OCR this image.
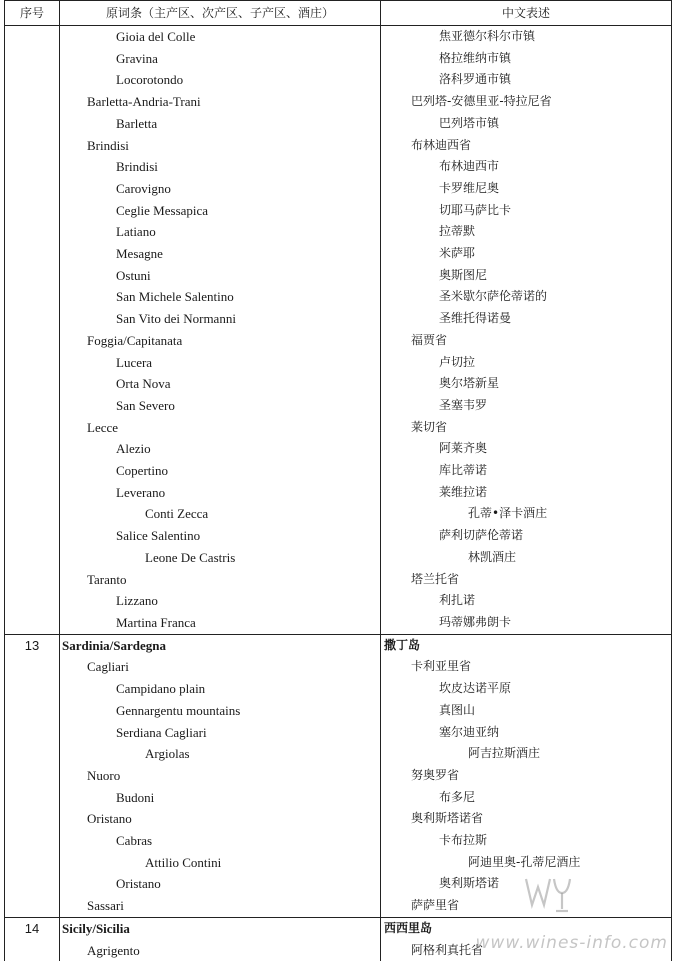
序号	原词条（主产区、次产区、子产区、酒庄）	中文表述
	Gioia del Colle	焦亚德尔科尔市镇
	Gravina	格拉维纳市镇
	Locorotondo	洛科罗通市镇
	Barletta-Andria-Trani	巴列塔-安德里亚-特拉尼省
	Barletta	巴列塔市镇
	Brindisi	布林迪西省
	Brindisi	布林迪西市
	Carovigno	卡罗维尼奥
	Ceglie Messapica	切耶马萨比卡
	Latiano	拉蒂默
	Mesagne	米萨耶
	Ostuni	奥斯图尼
	San Michele Salentino	圣米歇尔萨伦蒂诺的
	San Vito dei Normanni	圣维托得诺曼
	Foggia/Capitanata	福贾省
	Lucera	卢切拉
	Orta Nova	奥尔塔新星
	San Severo	圣塞韦罗
	Lecce	莱切省
	Alezio	阿莱齐奥
	Copertino	库比蒂诺
	Leverano	莱维拉诺
	Conti Zecca	孔蒂•泽卡酒庄
	Salice Salentino	萨利切萨伦蒂诺
	Leone De Castris	林凯酒庄
	Taranto	塔兰托省
	Lizzano	利扎诺
	Martina Franca	玛蒂娜弗朗卡
13	Sardinia/Sardegna	撒丁岛
	Cagliari	卡利亚里省
	Campidano plain	坎皮达诺平原
	Gennargentu mountains	真图山
	Serdiana Cagliari	塞尔迪亚纳
	Argiolas	阿吉拉斯酒庄
	Nuoro	努奥罗省
	Budoni	布多尼
	Oristano	奥利斯塔诺省
	Cabras	卡布拉斯
	Attilio Contini	阿迪里奥-孔蒂尼酒庄
	Oristano	奥利斯塔诺
	Sassari	萨萨里省
14	Sicily/Sicilia	西西里岛
	Agrigento	阿格利真托省
www.wines-info.com
